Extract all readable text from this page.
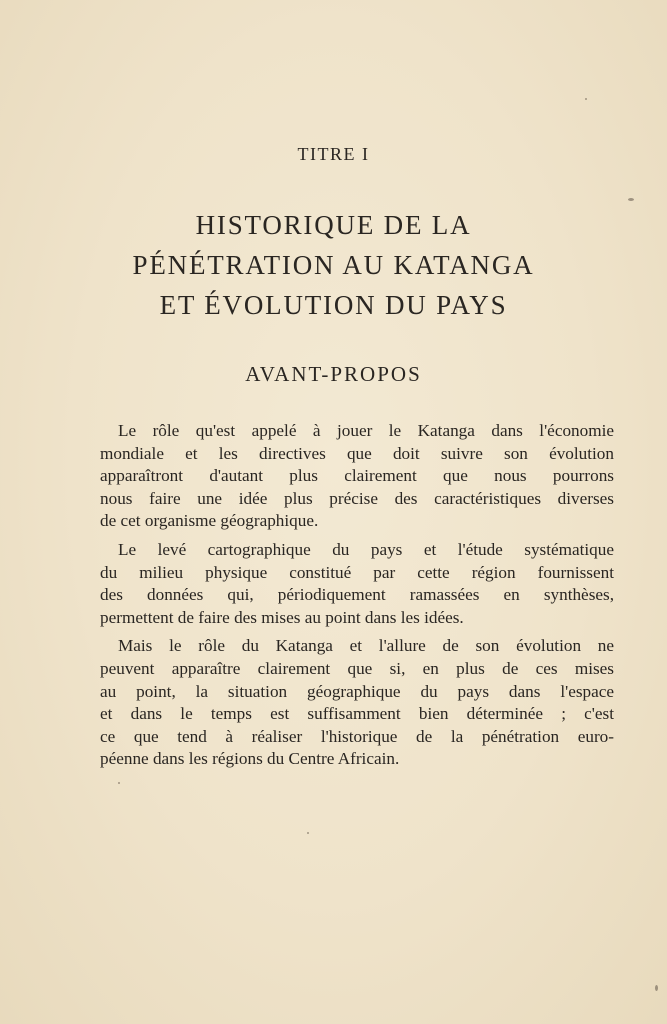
TITRE I
HISTORIQUE DE LA
PÉNÉTRATION AU KATANGA
ET ÉVOLUTION DU PAYS
AVANT-PROPOS
Le rôle qu'est appelé à jouer le Katanga dans l'économie
mondiale et les directives que doit suivre son évolution
apparaîtront d'autant plus clairement que nous pourrons
nous faire une idée plus précise des caractéristiques diverses
de cet organisme géographique.
Le levé cartographique du pays et l'étude systématique
du milieu physique constitué par cette région fournissent
des données qui, périodiquement ramassées en synthèses,
permettent de faire des mises au point dans les idées.
Mais le rôle du Katanga et l'allure de son évolution ne
peuvent apparaître clairement que si, en plus de ces mises
au point, la situation géographique du pays dans l'espace
et dans le temps est suffisamment bien déterminée ; c'est
ce que tend à réaliser l'historique de la pénétration euro-
péenne dans les régions du Centre Africain.
